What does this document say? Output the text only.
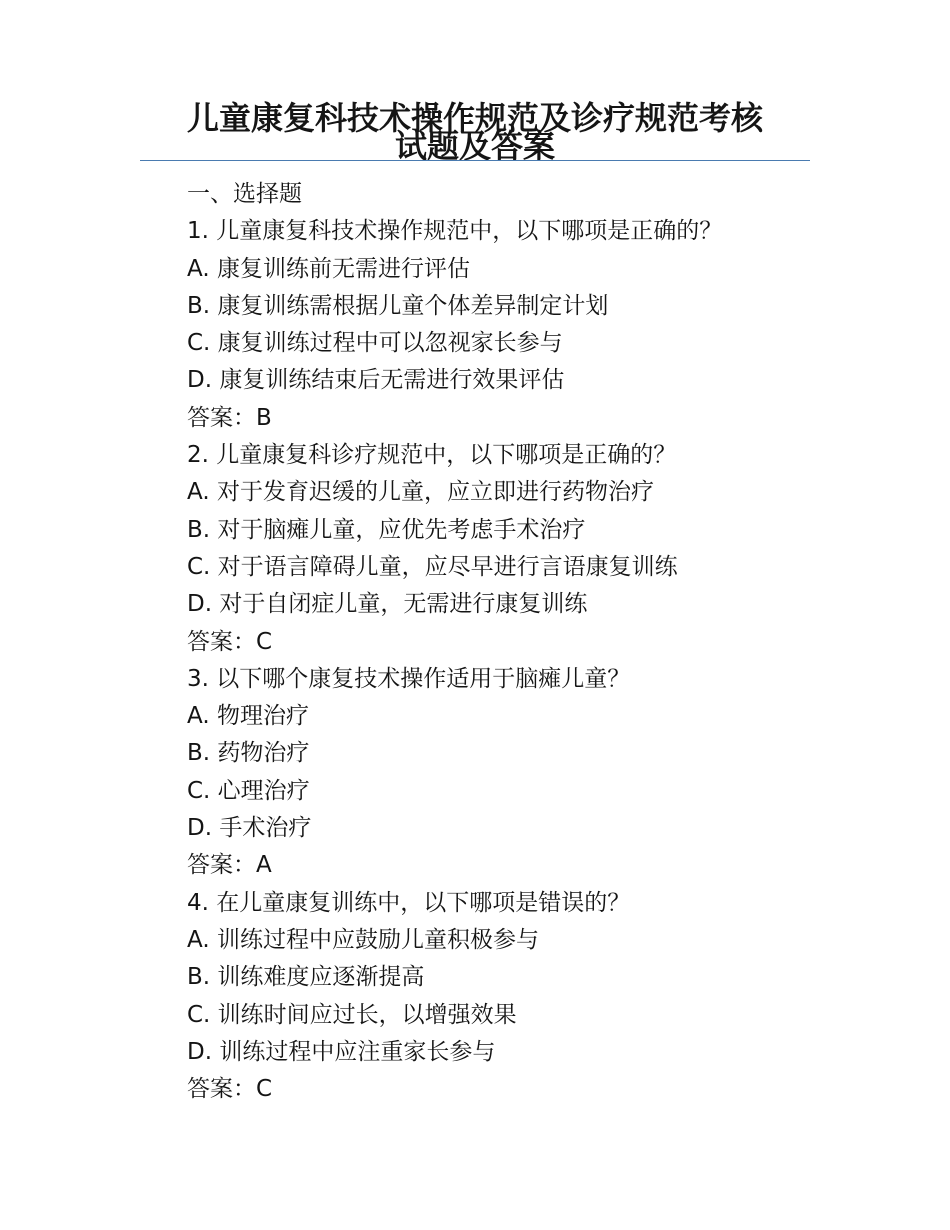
儿童康复科技术操作规范及诊疗规范考核
试题及答案
一、选择题
1. 儿童康复科技术操作规范中，以下哪项是正确的？
A. 康复训练前无需进行评估
B. 康复训练需根据儿童个体差异制定计划
C. 康复训练过程中可以忽视家长参与
D. 康复训练结束后无需进行效果评估
答案：B
2. 儿童康复科诊疗规范中，以下哪项是正确的？
A. 对于发育迟缓的儿童，应立即进行药物治疗
B. 对于脑瘫儿童，应优先考虑手术治疗
C. 对于语言障碍儿童，应尽早进行言语康复训练
D. 对于自闭症儿童，无需进行康复训练
答案：C
3. 以下哪个康复技术操作适用于脑瘫儿童？
A. 物理治疗
B. 药物治疗
C. 心理治疗
D. 手术治疗
答案：A
4. 在儿童康复训练中，以下哪项是错误的？
A. 训练过程中应鼓励儿童积极参与
B. 训练难度应逐渐提高
C. 训练时间应过长，以增强效果
D. 训练过程中应注重家长参与
答案：C
